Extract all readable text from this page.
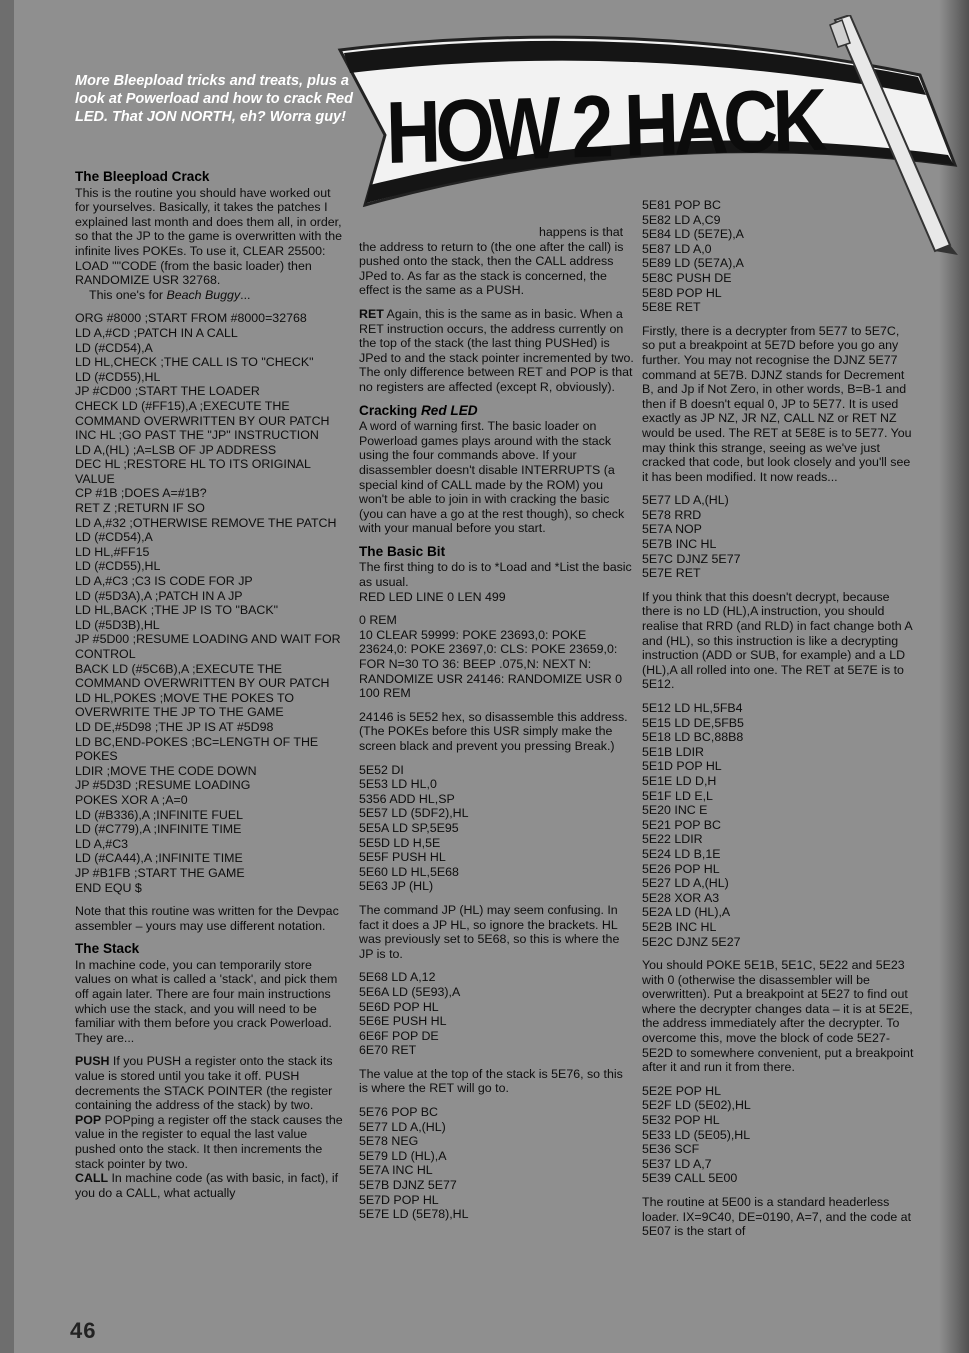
HOW 2 HACK
More Bleepload tricks and treats, plus a look at Powerload and how to crack Red LED. That JON NORTH, eh? Worra guy!
The Bleepload Crack

This is the routine you should have worked out for yourselves. Basically, it takes the patches I explained last month and does them all, in order, so that the JP to the game is overwritten with the infinite lives POKEs. To use it, CLEAR 25500: LOAD ""CODE (from the basic loader) then RANDOMIZE USR 32768.

This one's for Beach Buggy...

ORG #8000 ;START FROM #8000=32768
LD A,#CD ;PATCH IN A CALL
LD (#CD54),A
LD HL,CHECK ;THE CALL IS TO "CHECK"
LD (#CD55),HL
JP #CD00 ;START THE LOADER
CHECK LD (#FF15),A ;EXECUTE THE COMMAND OVERWRITTEN BY OUR PATCH
INC HL ;GO PAST THE "JP" INSTRUCTION
LD A,(HL) ;A=LSB OF JP ADDRESS
DEC HL ;RESTORE HL TO ITS ORIGINAL VALUE
CP #1B ;DOES A=#1B?
RET Z ;RETURN IF SO
LD A,#32 ;OTHERWISE REMOVE THE PATCH
LD (#CD54),A
LD HL,#FF15
LD (#CD55),HL
LD A,#C3 ;C3 IS CODE FOR JP
LD (#5D3A),A ;PATCH IN A JP
LD HL,BACK ;THE JP IS TO "BACK"
LD (#5D3B),HL
JP #5D00 ;RESUME LOADING AND WAIT FOR CONTROL
BACK LD (#5C6B),A ;EXECUTE THE COMMAND OVERWRITTEN BY OUR PATCH
LD HL,POKES ;MOVE THE POKES TO OVERWRITE THE JP TO THE GAME
LD DE,#5D98 ;THE JP IS AT #5D98
LD BC,END-POKES ;BC=LENGTH OF THE POKES
LDIR ;MOVE THE CODE DOWN
JP #5D3D ;RESUME LOADING
POKES XOR A ;A=0
LD (#B336),A ;INFINITE FUEL
LD (#C779),A ;INFINITE TIME
LD A,#C3
LD (#CA44),A ;INFINITE TIME
JP #B1FB ;START THE GAME
END EQU $

Note that this routine was written for the Devpac assembler – yours may use different notation.

The Stack

In machine code, you can temporarily store values on what is called a 'stack', and pick them off again later. There are four main instructions which use the stack, and you will need to be familiar with them before you crack Powerload. They are...

PUSH If you PUSH a register onto the stack its value is stored until you take it off. PUSH decrements the STACK POINTER (the register containing the address of the stack) by two.

POP POPping a register off the stack causes the value in the register to equal the last value pushed onto the stack. It then increments the stack pointer by two.

CALL In machine code (as with basic, in fact), if you do a CALL, what actually

happens is that the address to return to (the one after the call) is pushed onto the stack, then the CALL address JPed to. As far as the stack is concerned, the effect is the same as a PUSH.

RET Again, this is the same as in basic. When a RET instruction occurs, the address currently on the top of the stack (the last thing PUSHed) is JPed to and the stack pointer incremented by two. The only difference between RET and POP is that no registers are affected (except R, obviously).

Cracking Red LED

A word of warning first. The basic loader on Powerload games plays around with the stack using the four commands above. If your disassembler doesn't disable INTERRUPTS (a special kind of CALL made by the ROM) you won't be able to join in with cracking the basic (you can have a go at the rest though), so check with your manual before you start.

The Basic Bit

The first thing to do is to *Load and *List the basic as usual.

RED LED LINE 0 LEN 499
0 REM
10 CLEAR 59999: POKE 23693,0: POKE 23624,0: POKE 23697,0: CLS: POKE 23659,0: FOR N=30 TO 36: BEEP .075,N: NEXT N: RANDOMIZE USR 24146: RANDOMIZE USR 0
100 REM

24146 is 5E52 hex, so disassemble this address. (The POKEs before this USR simply make the screen black and prevent you pressing Break.)

5E52 DI
5E53 LD HL,0
5356 ADD HL,SP
5E57 LD (5DF2),HL
5E5A LD SP,5E95
5E5D LD H,5E
5E5F PUSH HL
5E60 LD HL,5E68
5E63 JP (HL)

The command JP (HL) may seem confusing. In fact it does a JP HL, so ignore the brackets. HL was previously set to 5E68, so this is where the JP is to.

5E68 LD A,12
5E6A LD (5E93),A
5E6D POP HL
5E6E PUSH HL
6E6F POP DE
6E70 RET

The value at the top of the stack is 5E76, so this is where the RET will go to.

5E76 POP BC
5E77 LD A,(HL)
5E78 NEG
5E79 LD (HL),A
5E7A INC HL
5E7B DJNZ 5E77
5E7D POP HL
5E7E LD (5E78),HL
5E81 POP BC
5E82 LD A,C9
5E84 LD (5E7E),A
5E87 LD A,0
5E89 LD (5E7A),A
5E8C PUSH DE
5E8D POP HL
5E8E RET

Firstly, there is a decrypter from 5E77 to 5E7C, so put a breakpoint at 5E7D before you go any further. You may not recognise the DJNZ 5E77 command at 5E7B. DJNZ stands for Decrement B, and Jp if Not Zero, in other words, B=B-1 and then if B doesn't equal 0, JP to 5E77. It is used exactly as JP NZ, JR NZ, CALL NZ or RET NZ would be used. The RET at 5E8E is to 5E77. You may think this strange, seeing as we've just cracked that code, but look closely and you'll see it has been modified. It now reads...

5E77 LD A,(HL)
5E78 RRD
5E7A NOP
5E7B INC HL
5E7C DJNZ 5E77
5E7E RET

If you think that this doesn't decrypt, because there is no LD (HL),A instruction, you should realise that RRD (and RLD) in fact change both A and (HL), so this instruction is like a decrypting instruction (ADD or SUB, for example) and a LD (HL),A all rolled into one. The RET at 5E7E is to 5E12.

5E12 LD HL,5FB4
5E15 LD DE,5FB5
5E18 LD BC,88B8
5E1B LDIR
5E1D POP HL
5E1E LD D,H
5E1F LD E,L
5E20 INC E
5E21 POP BC
5E22 LDIR
5E24 LD B,1E
5E26 POP HL
5E27 LD A,(HL)
5E28 XOR A3
5E2A LD (HL),A
5E2B INC HL
5E2C DJNZ 5E27

You should POKE 5E1B, 5E1C, 5E22 and 5E23 with 0 (otherwise the disassembler will be overwritten). Put a breakpoint at 5E27 to find out where the decrypter changes data – it is at 5E2E, the address immediately after the decrypter. To overcome this, move the block of code 5E27-5E2D to somewhere convenient, put a breakpoint after it and run it from there.

5E2E POP HL
5E2F LD (5E02),HL
5E32 POP HL
5E33 LD (5E05),HL
5E36 SCF
5E37 LD A,7
5E39 CALL 5E00

The routine at 5E00 is a standard headerless loader. IX=9C40, DE=0190, A=7, and the code at 5E07 is the start of

46
